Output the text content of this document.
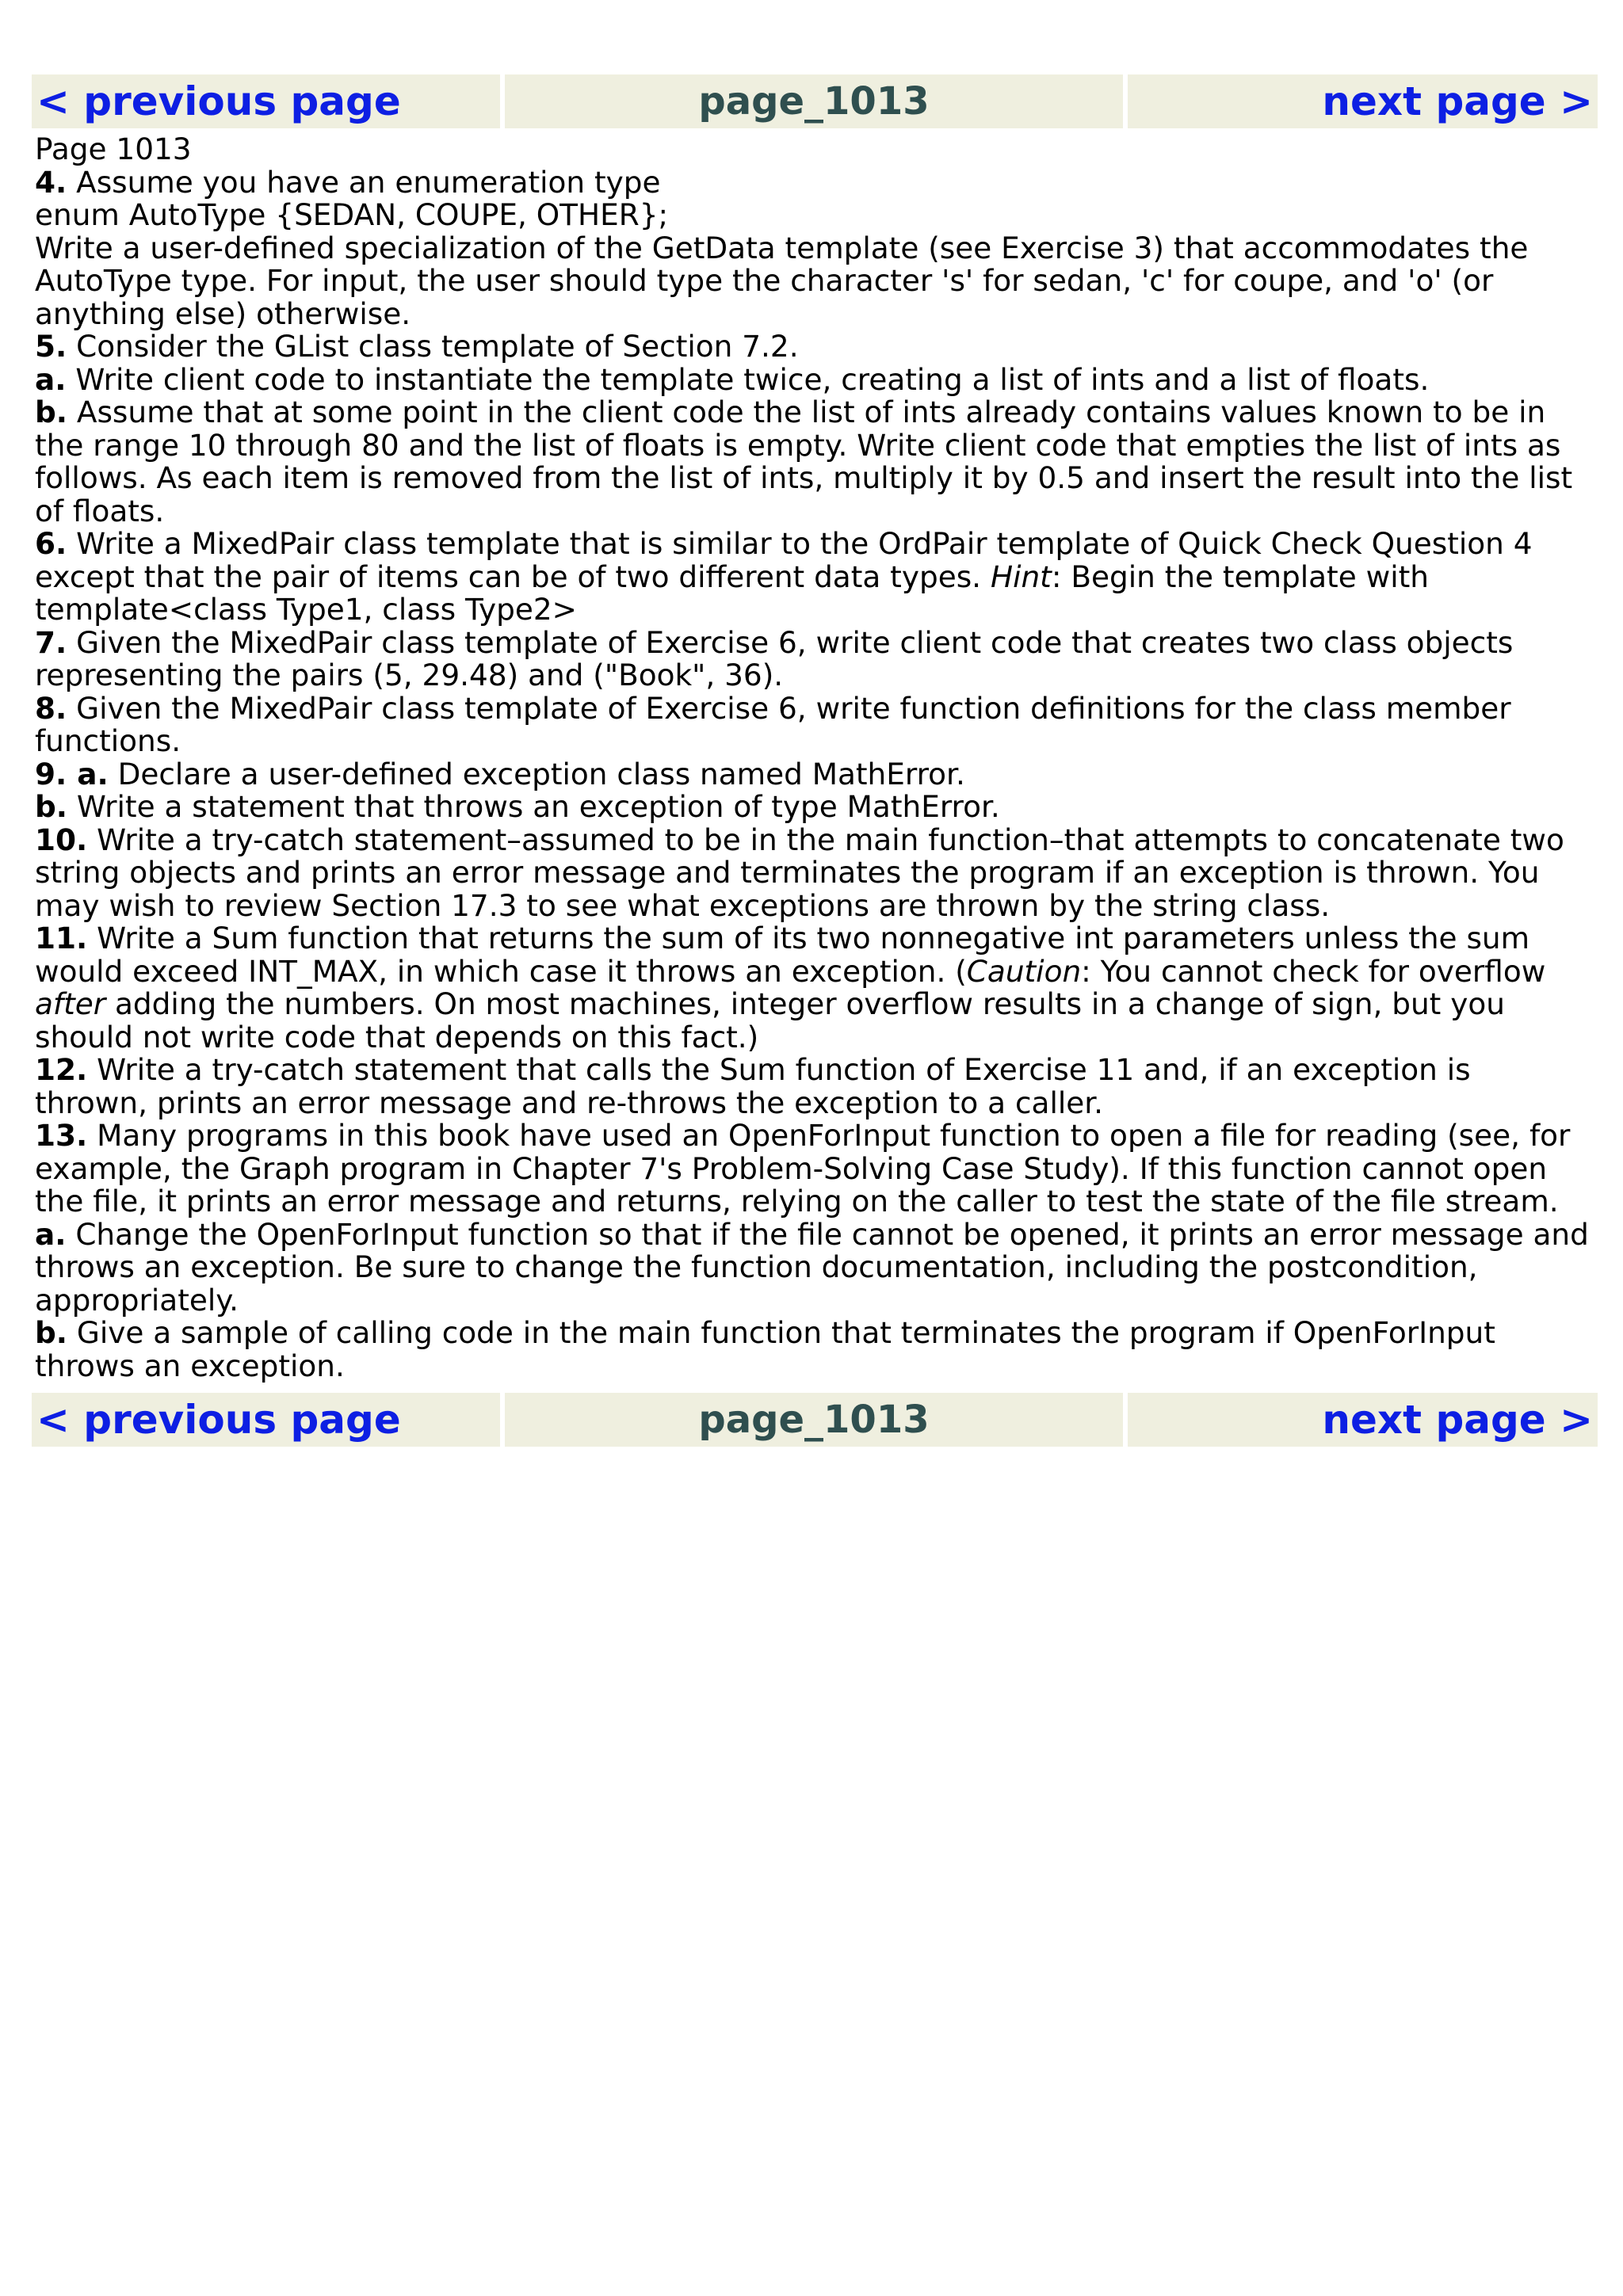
< previous page	page_1013	next page >

Page 1013

4. Assume you have an enumeration type

enum AutoType {SEDAN, COUPE, OTHER};

Write a user-defined specialization of the GetData template (see Exercise 3) that accommodates the AutoType type. For input, the user should type the character 's' for sedan, 'c' for coupe, and 'o' (or anything else) otherwise.

5. Consider the GList class template of Section 7.2.

a. Write client code to instantiate the template twice, creating a list of ints and a list of floats.

b. Assume that at some point in the client code the list of ints already contains values known to be in the range 10 through 80 and the list of floats is empty. Write client code that empties the list of ints as follows. As each item is removed from the list of ints, multiply it by 0.5 and insert the result into the list of floats.

6. Write a MixedPair class template that is similar to the OrdPair template of Quick Check Question 4 except that the pair of items can be of two different data types. Hint: Begin the template with

template<class Type1, class Type2>

7. Given the MixedPair class template of Exercise 6, write client code that creates two class objects representing the pairs (5, 29.48) and ("Book", 36).

8. Given the MixedPair class template of Exercise 6, write function definitions for the class member functions.

9. a. Declare a user-defined exception class named MathError.

b. Write a statement that throws an exception of type MathError.

10. Write a try-catch statement–assumed to be in the main function–that attempts to concatenate two string objects and prints an error message and terminates the program if an exception is thrown. You may wish to review Section 17.3 to see what exceptions are thrown by the string class.

11. Write a Sum function that returns the sum of its two nonnegative int parameters unless the sum would exceed INT_MAX, in which case it throws an exception. (Caution: You cannot check for overflow after adding the numbers. On most machines, integer overflow results in a change of sign, but you should not write code that depends on this fact.)

12. Write a try-catch statement that calls the Sum function of Exercise 11 and, if an exception is thrown, prints an error message and re-throws the exception to a caller.

13. Many programs in this book have used an OpenForInput function to open a file for reading (see, for example, the Graph program in Chapter 7's Problem-Solving Case Study). If this function cannot open the file, it prints an error message and returns, relying on the caller to test the state of the file stream.

a. Change the OpenForInput function so that if the file cannot be opened, it prints an error message and throws an exception. Be sure to change the function documentation, including the postcondition, appropriately.

b. Give a sample of calling code in the main function that terminates the program if OpenForInput throws an exception.

< previous page	page_1013	next page >
